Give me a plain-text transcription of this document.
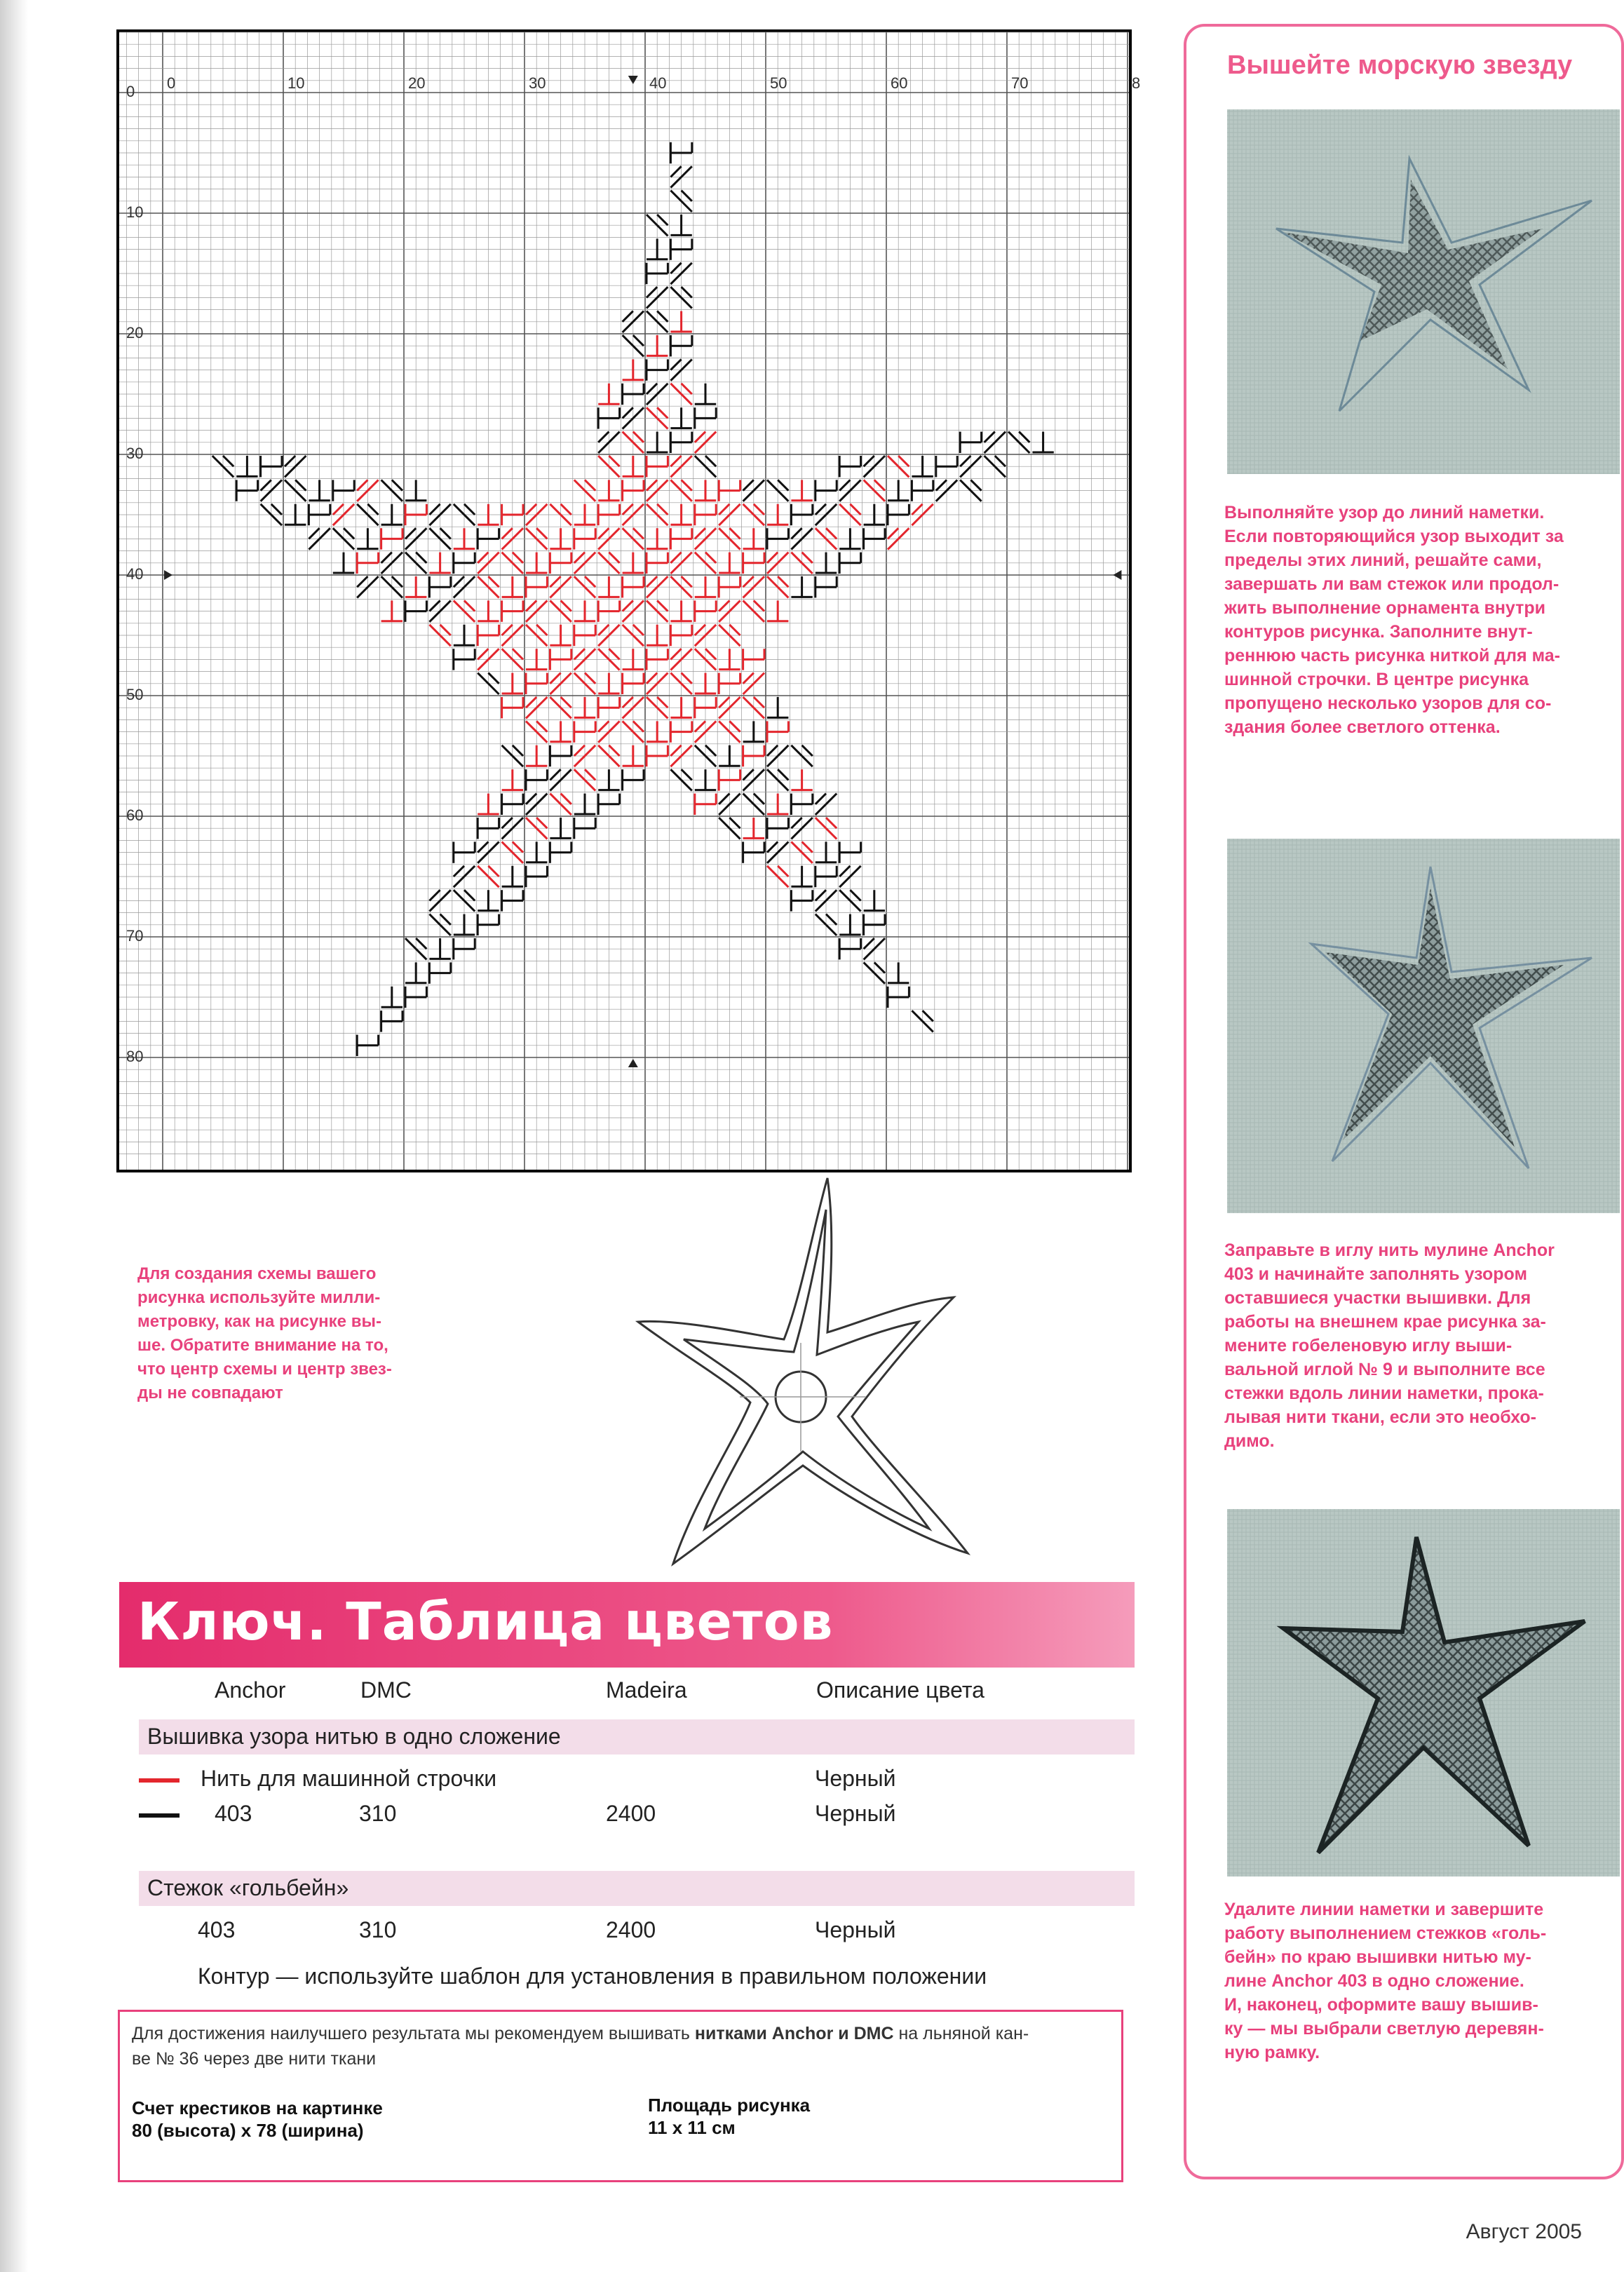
0	10	20	30	40	50	60	70	8
0
10
20
30
40
50
60
70
80
Для создания схемы вашего
рисунка используйте милли-
метровку, как на рисунке вы-
ше. Обратите внимание на то,
что центр схемы и центр звез-
ды не совпадают
Ключ. Таблица цветов
Anchor	DMC	Madeira	Описание цвета
Вышивка узора нитью в одно сложение
Нить для машинной строчки	Черный
403	310	2400	Черный
Стежок «гольбейн»
403	310	2400	Черный
Контур — используйте шаблон для установления в правильном положении
Для достижения наилучшего результата мы рекомендуем вышивать нитками Anchor и DMC на льняной кан-
ве № 36 через две нити ткани
Счет крестиков на картинке
80 (высота) x 78 (ширина)
Площадь рисунка
11 x 11 см
Вышейте морскую звезду
Выполняйте узор до линий наметки.
Если повторяющийся узор выходит за
пределы этих линий, решайте сами,
завершать ли вам стежок или продол-
жить выполнение орнамента внутри
контуров рисунка. Заполните внут-
реннюю часть рисунка ниткой для ма-
шинной строчки. В центре рисунка
пропущено несколько узоров для со-
здания более светлого оттенка.
Заправьте в иглу нить мулине Anchor
403 и начинайте заполнять узором
оставшиеся участки вышивки. Для
работы на внешнем крае рисунка за-
мените гобеленовую иглу выши-
вальной иглой № 9 и выполните все
стежки вдоль линии наметки, прока-
лывая нити ткани, если это необхо-
димо.
Удалите линии наметки и завершите
работу выполнением стежков «голь-
бейн» по краю вышивки нитью му-
лине Anchor 403 в одно сложение.
И, наконец, оформите вашу вышив-
ку — мы выбрали светлую деревян-
ную рамку.
Август 2005
